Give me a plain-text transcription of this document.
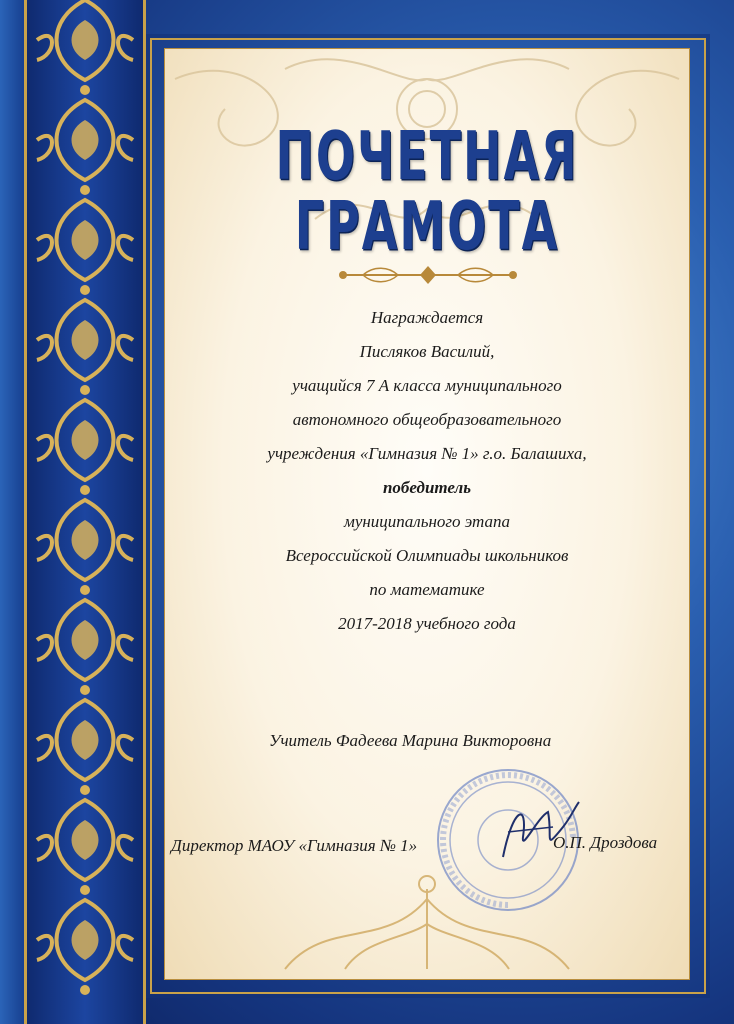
ПОЧЕТНАЯ
ГРАМОТА
Награждается
Писляков Василий,
учащийся 7 А класса муниципального
автономного общеобразовательного
учреждения «Гимназия № 1» г.о. Балашиха,
победитель
муниципального этапа
Всероссийской Олимпиады школьников
по математике
2017-2018 учебного года
Учитель Фадеева Марина Викторовна
Директор МАОУ «Гимназия № 1»	О.П. Дроздова
